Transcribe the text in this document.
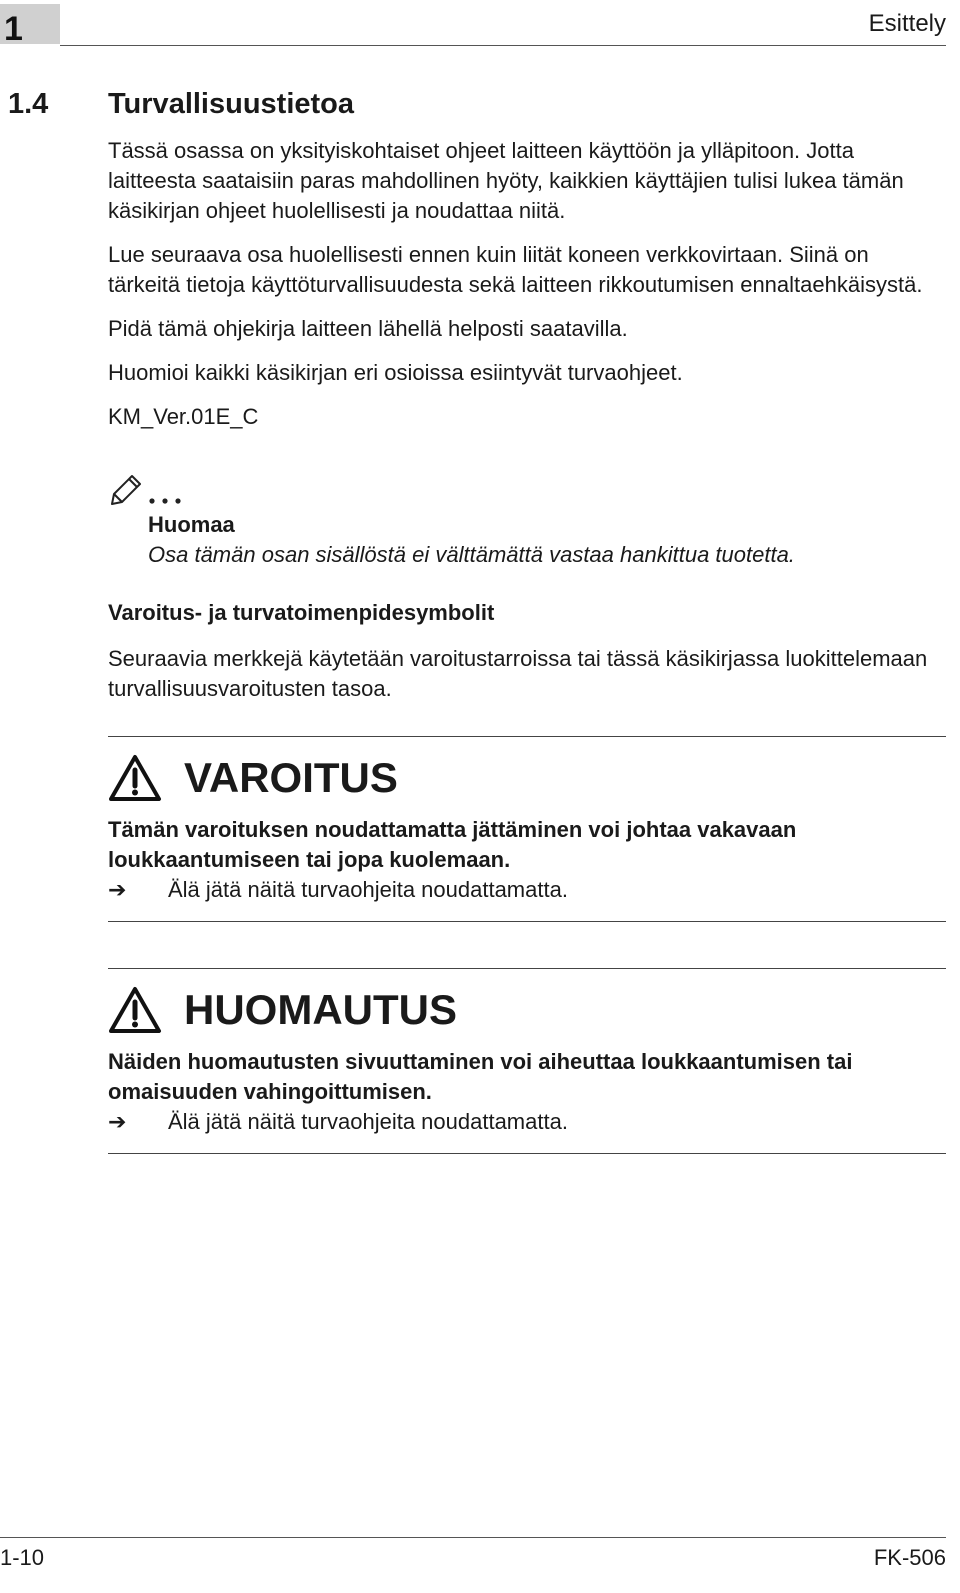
1	Esittely
1.4 Turvallisuustietoa

Tässä osassa on yksityiskohtaiset ohjeet laitteen käyttöön ja ylläpitoon. Jotta laitteesta saataisiin paras mahdollinen hyöty, kaikkien käyttäjien tulisi lukea tämän käsikirjan ohjeet huolellisesti ja noudattaa niitä.

Lue seuraava osa huolellisesti ennen kuin liität koneen verkkovirtaan. Siinä on tärkeitä tietoja käyttöturvallisuudesta sekä laitteen rikkoutumisen ennaltaehkäisystä.

Pidä tämä ohjekirja laitteen lähellä helposti saatavilla.

Huomioi kaikki käsikirjan eri osioissa esiintyvät turvaohjeet.

KM_Ver.01E_C

Huomaa
Osa tämän osan sisällöstä ei välttämättä vastaa hankittua tuotetta.
Varoitus- ja turvatoimenpidesymbolit

Seuraavia merkkejä käytetään varoitustarroissa tai tässä käsikirjassa luokittelemaan turvallisuusvaroitusten tasoa.

VAROITUS
Tämän varoituksen noudattamatta jättäminen voi johtaa vakavaan loukkaantumiseen tai jopa kuolemaan.
➔	Älä jätä näitä turvaohjeita noudattamatta.
HUOMAUTUS
Näiden huomautusten sivuuttaminen voi aiheuttaa loukkaantumisen tai omaisuuden vahingoittumisen.
➔	Älä jätä näitä turvaohjeita noudattamatta.
1-10	FK-506
